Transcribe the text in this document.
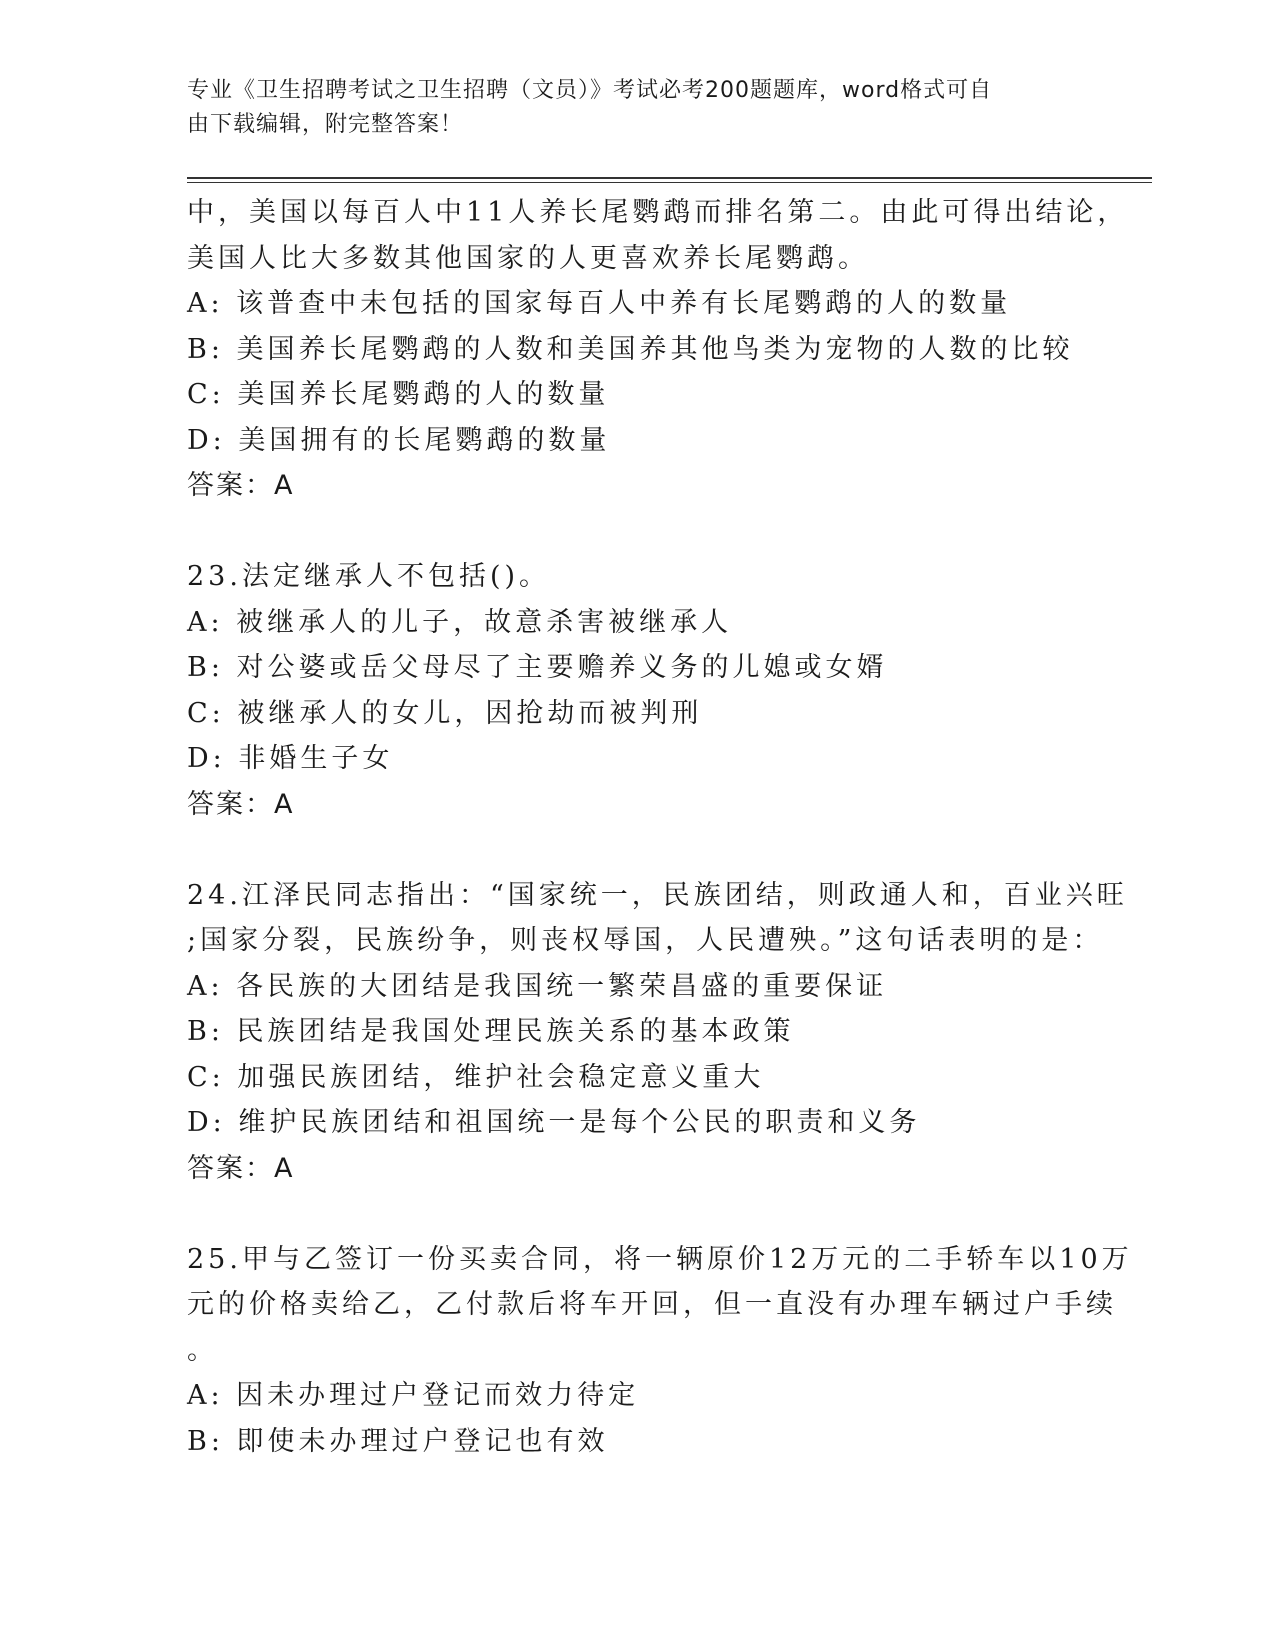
专业《卫生招聘考试之卫生招聘（文员）》考试必考200题题库，word格式可自
由下载编辑，附完整答案！
中，美国以每百人中11人养长尾鹦鹉而排名第二。由此可得出结论，
美国人比大多数其他国家的人更喜欢养长尾鹦鹉。
A: 该普查中未包括的国家每百人中养有长尾鹦鹉的人的数量
B: 美国养长尾鹦鹉的人数和美国养其他鸟类为宠物的人数的比较
C: 美国养长尾鹦鹉的人的数量
D: 美国拥有的长尾鹦鹉的数量
答案：A
23.法定继承人不包括()。
A: 被继承人的儿子，故意杀害被继承人
B: 对公婆或岳父母尽了主要赡养义务的儿媳或女婿
C: 被继承人的女儿，因抢劫而被判刑
D: 非婚生子女
答案：A
24.江泽民同志指出：“国家统一，民族团结，则政通人和，百业兴旺
;国家分裂，民族纷争，则丧权辱国，人民遭殃。”这句话表明的是：
A: 各民族的大团结是我国统一繁荣昌盛的重要保证
B: 民族团结是我国处理民族关系的基本政策
C: 加强民族团结，维护社会稳定意义重大
D: 维护民族团结和祖国统一是每个公民的职责和义务
答案：A
25.甲与乙签订一份买卖合同，将一辆原价12万元的二手轿车以10万
元的价格卖给乙，乙付款后将车开回，但一直没有办理车辆过户手续
。
A: 因未办理过户登记而效力待定
B: 即使未办理过户登记也有效
